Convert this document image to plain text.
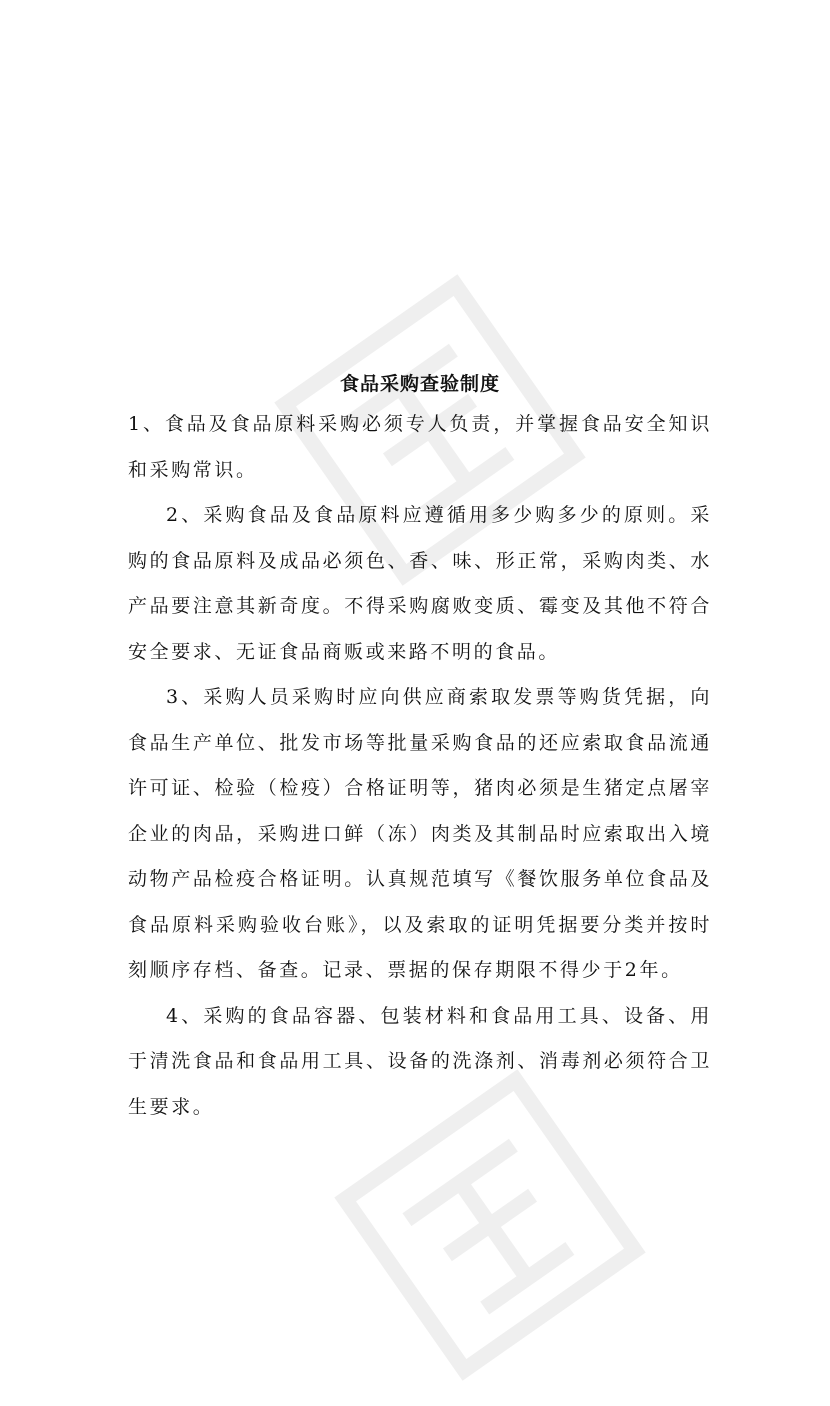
食品采购查验制度

1、食品及食品原料采购必须专人负责，并掌握食品安全知识和采购常识。

2、采购食品及食品原料应遵循用多少购多少的原则。采购的食品原料及成品必须色、香、味、形正常，采购肉类、水产品要注意其新奇度。不得采购腐败变质、霉变及其他不符合安全要求、无证食品商贩或来路不明的食品。

3、采购人员采购时应向供应商索取发票等购货凭据，向食品生产单位、批发市场等批量采购食品的还应索取食品流通许可证、检验（检疫）合格证明等，猪肉必须是生猪定点屠宰企业的肉品，采购进口鲜（冻）肉类及其制品时应索取出入境动物产品检疫合格证明。认真规范填写《餐饮服务单位食品及食品原料采购验收台账》，以及索取的证明凭据要分类并按时刻顺序存档、备查。记录、票据的保存期限不得少于2年。

4、采购的食品容器、包装材料和食品用工具、设备、用于清洗食品和食品用工具、设备的洗涤剂、消毒剂必须符合卫生要求。
